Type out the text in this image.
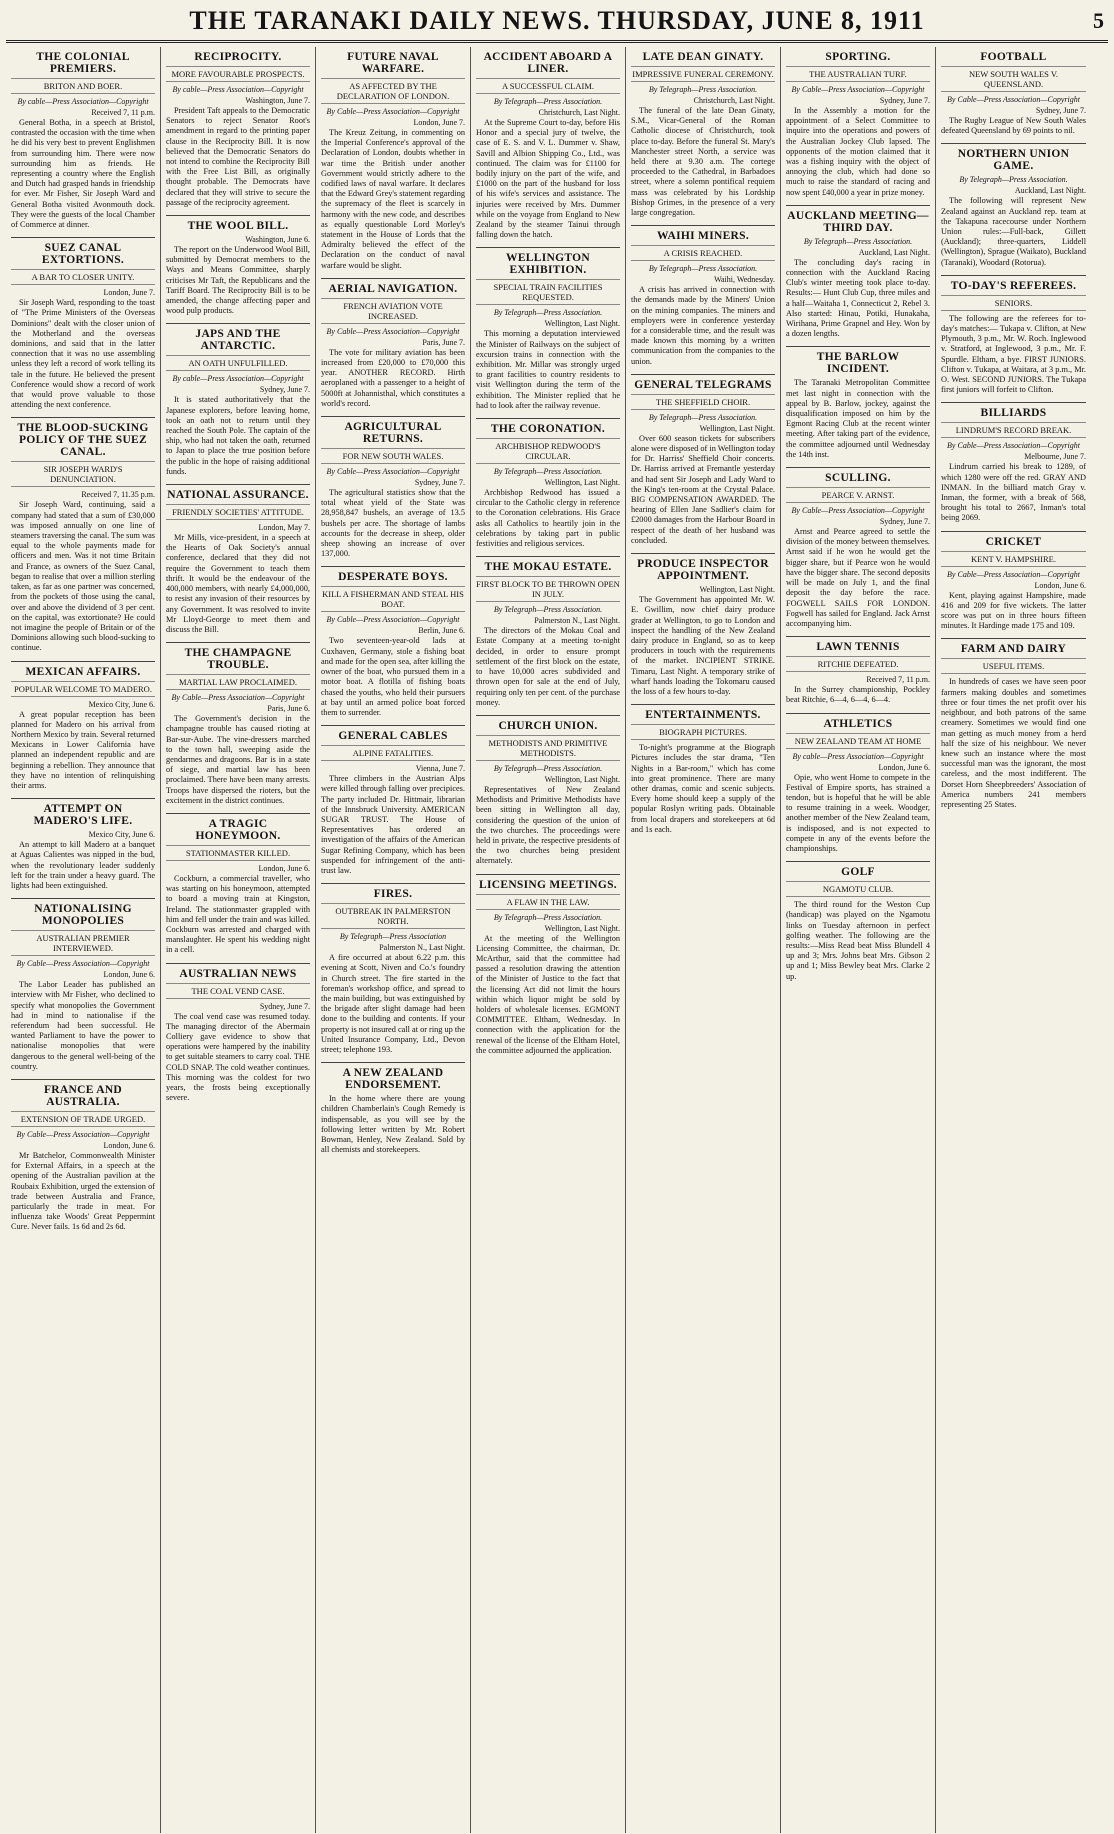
THE TARANAKI DAILY NEWS. THURSDAY, JUNE 8, 1911	5
THE COLONIAL PREMIERS.
BRITON AND BOER.
By cable—Press Association—Copyright
Received 7, 11 p.m.

General Botha, in a speech at Bristol, contrasted the occasion with the time when he did his very best to prevent Englishmen from surrounding him. There were now surrounding him as friends. He representing a country where the English and Dutch had grasped hands in friendship for ever. Mr Fisher, Sir Joseph Ward and General Botha visited Avonmouth dock. They were the guests of the local Chamber of Commerce at dinner.

SUEZ CANAL EXTORTIONS.
A BAR TO CLOSER UNITY.
London, June 7.

Sir Joseph Ward, responding to the toast of "The Prime Ministers of the Overseas Dominions" dealt with the closer union of the Motherland and the overseas dominions, and said that in the latter connection that it was no use assembling unless they left a record of work telling its tale in the future. He believed the present Conference would show a record of work that would prove valuable to those attending the next conference.

THE BLOOD-SUCKING POLICY OF THE SUEZ CANAL.
SIR JOSEPH WARD'S DENUNCIATION.
Received 7, 11.35 p.m.

Sir Joseph Ward, continuing, said a company had stated that a sum of £30,000 was imposed annually on one line of steamers traversing the canal. The sum was equal to the whole payments made for officers and men. Was it not time Britain and France, as owners of the Suez Canal, began to realise that over a million sterling taken, as far as one partner was concerned, from the pockets of those using the canal, over and above the dividend of 3 per cent. on the capital, was extortionate? He could not imagine the people of Britain or of the Dominions allowing such blood-sucking to continue.

MEXICAN AFFAIRS.
POPULAR WELCOME TO MADERO.
Mexico City, June 6.

A great popular reception has been planned for Madero on his arrival from Northern Mexico by train. Several returned Mexicans in Lower California have planned an independent republic and are beginning a rebellion. They announce that they have no intention of relinquishing their arms.

ATTEMPT ON MADERO'S LIFE.
Mexico City, June 6.

An attempt to kill Madero at a banquet at Aguas Calientes was nipped in the bud, when the revolutionary leader suddenly left for the train under a heavy guard. The lights had been extinguished.

NATIONALISING MONOPOLIES
AUSTRALIAN PREMIER INTERVIEWED.
By Cable—Press Association—Copyright
London, June 6.

The Labor Leader has published an interview with Mr Fisher, who declined to specify what monopolies the Government had in mind to nationalise if the referendum had been successful. He wanted Parliament to have the power to nationalise monopolies that were dangerous to the general well-being of the country.

FRANCE AND AUSTRALIA.
EXTENSION OF TRADE URGED.
By Cable—Press Association—Copyright
London, June 6.

Mr Batchelor, Commonwealth Minister for External Affairs, in a speech at the opening of the Australian pavilion at the Roubaix Exhibition, urged the extension of trade between Australia and France, particularly the trade in meat. For influenza take Woods' Great Peppermint Cure. Never fails. 1s 6d and 2s 6d.

RECIPROCITY.
MORE FAVOURABLE PROSPECTS.
By cable—Press Association—Copyright
Washington, June 7.

President Taft appeals to the Democratic Senators to reject Senator Root's amendment in regard to the printing paper clause in the Reciprocity Bill. It is now believed that the Democratic Senators do not intend to combine the Reciprocity Bill with the Free List Bill, as originally thought probable. The Democrats have declared that they will strive to secure the passage of the reciprocity agreement.

THE WOOL BILL.
Washington, June 6.

The report on the Underwood Wool Bill, submitted by Democrat members to the Ways and Means Committee, sharply criticises Mr Taft, the Republicans and the Tariff Board. The Reciprocity Bill is to be amended, the change affecting paper and wood pulp products.

JAPS AND THE ANTARCTIC.
AN OATH UNFULFILLED.
By cable—Press Association—Copyright
Sydney, June 7.

It is stated authoritatively that the Japanese explorers, before leaving home, took an oath not to return until they reached the South Pole. The captain of the ship, who had not taken the oath, returned to Japan to place the true position before the public in the hope of raising additional funds.

NATIONAL ASSURANCE.
FRIENDLY SOCIETIES' ATTITUDE.
London, May 7.

Mr Mills, vice-president, in a speech at the Hearts of Oak Society's annual conference, declared that they did not require the Government to teach them thrift. It would be the endeavour of the 400,000 members, with nearly £4,000,000, to resist any invasion of their resources by any Government. It was resolved to invite Mr Lloyd-George to meet them and discuss the Bill.

THE CHAMPAGNE TROUBLE.
MARTIAL LAW PROCLAIMED.
By Cable—Press Association—Copyright
Paris, June 6.

The Government's decision in the champagne trouble has caused rioting at Bar-sur-Aube. The vine-dressers marched to the town hall, sweeping aside the gendarmes and dragoons. Bar is in a state of siege, and martial law has been proclaimed. There have been many arrests. Troops have dispersed the rioters, but the excitement in the district continues.

A TRAGIC HONEYMOON.
STATIONMASTER KILLED.
London, June 6.

Cockburn, a commercial traveller, who was starting on his honeymoon, attempted to board a moving train at Kingston, Ireland. The stationmaster grappled with him and fell under the train and was killed. Cockburn was arrested and charged with manslaughter. He spent his wedding night in a cell.

AUSTRALIAN NEWS
THE COAL VEND CASE.
Sydney, June 7.

The coal vend case was resumed today. The managing director of the Abermain Colliery gave evidence to show that operations were hampered by the inability to get suitable steamers to carry coal. THE COLD SNAP. The cold weather continues. This morning was the coldest for two years, the frosts being exceptionally severe.

FUTURE NAVAL WARFARE.
AS AFFECTED BY THE DECLARATION OF LONDON.
By Cable—Press Association—Copyright
London, June 7.

The Kreuz Zeitung, in commenting on the Imperial Conference's approval of the Declaration of London, doubts whether in war time the British under another Government would strictly adhere to the codified laws of naval warfare. It declares that the Edward Grey's statement regarding the supremacy of the fleet is scarcely in harmony with the new code, and describes as equally questionable Lord Morley's statement in the House of Lords that the Admiralty believed the effect of the Declaration on the conduct of naval warfare would be slight.

AERIAL NAVIGATION.
FRENCH AVIATION VOTE INCREASED.
By Cable—Press Association—Copyright
Paris, June 7.

The vote for military aviation has been increased from £20,000 to £70,000 this year. ANOTHER RECORD. Hirth aeroplaned with a passenger to a height of 5000ft at Johannisthal, which constitutes a world's record.

AGRICULTURAL RETURNS.
FOR NEW SOUTH WALES.
By Cable—Press Association—Copyright
Sydney, June 7.

The agricultural statistics show that the total wheat yield of the State was 28,958,847 bushels, an average of 13.5 bushels per acre. The shortage of lambs accounts for the decrease in sheep, older sheep showing an increase of over 137,000.

DESPERATE BOYS.
KILL A FISHERMAN AND STEAL HIS BOAT.
By Cable—Press Association—Copyright
Berlin, June 6.

Two seventeen-year-old lads at Cuxhaven, Germany, stole a fishing boat and made for the open sea, after killing the owner of the boat, who pursued them in a motor boat. A flotilla of fishing boats chased the youths, who held their pursuers at bay until an armed police boat forced them to surrender.

GENERAL CABLES
ALPINE FATALITIES.
Vienna, June 7.

Three climbers in the Austrian Alps were killed through falling over precipices. The party included Dr. Hittmair, librarian of the Innsbruck University. AMERICAN SUGAR TRUST. The House of Representatives has ordered an investigation of the affairs of the American Sugar Refining Company, which has been suspended for infringement of the anti-trust law.

FIRES.
OUTBREAK IN PALMERSTON NORTH.
By Telegraph—Press Association
Palmerston N., Last Night.

A fire occurred at about 6.22 p.m. this evening at Scott, Niven and Co.'s foundry in Church street. The fire started in the foreman's workshop office, and spread to the main building, but was extinguished by the brigade after slight damage had been done to the building and contents. If your property is not insured call at or ring up the United Insurance Company, Ltd., Devon street; telephone 193.

A NEW ZEALAND ENDORSEMENT.

In the home where there are young children Chamberlain's Cough Remedy is indispensable, as you will see by the following letter written by Mr. Robert Bowman, Henley, New Zealand. Sold by all chemists and storekeepers.

ACCIDENT ABOARD A LINER.
A SUCCESSFUL CLAIM.
By Telegraph—Press Association.
Christchurch, Last Night.

At the Supreme Court to-day, before His Honor and a special jury of twelve, the case of E. S. and V. L. Dummer v. Shaw, Savill and Albion Shipping Co., Ltd., was continued. The claim was for £1100 for bodily injury on the part of the wife, and £1000 on the part of the husband for loss of his wife's services and assistance. The injuries were received by Mrs. Dummer while on the voyage from England to New Zealand by the steamer Tainui through falling down the hatch.

WELLINGTON EXHIBITION.
SPECIAL TRAIN FACILITIES REQUESTED.
By Telegraph—Press Association.
Wellington, Last Night.

This morning a deputation interviewed the Minister of Railways on the subject of excursion trains in connection with the exhibition. Mr. Millar was strongly urged to grant facilities to country residents to visit Wellington during the term of the exhibition. The Minister replied that he had to look after the railway revenue.

THE CORONATION.
ARCHBISHOP REDWOOD'S CIRCULAR.
By Telegraph—Press Association.
Wellington, Last Night.

Archbishop Redwood has issued a circular to the Catholic clergy in reference to the Coronation celebrations. His Grace asks all Catholics to heartily join in the celebrations by taking part in public festivities and religious services.

THE MOKAU ESTATE.
FIRST BLOCK TO BE THROWN OPEN IN JULY.
By Telegraph—Press Association.
Palmerston N., Last Night.

The directors of the Mokau Coal and Estate Company at a meeting to-night decided, in order to ensure prompt settlement of the first block on the estate, to have 10,000 acres subdivided and thrown open for sale at the end of July, requiring only ten per cent. of the purchase money.

CHURCH UNION.
METHODISTS AND PRIMITIVE METHODISTS.
By Telegraph—Press Association.
Wellington, Last Night.

Representatives of New Zealand Methodists and Primitive Methodists have been sitting in Wellington all day, considering the question of the union of the two churches. The proceedings were held in private, the respective presidents of the two churches being president alternately.

LICENSING MEETINGS.
A FLAW IN THE LAW.
By Telegraph—Press Association.
Wellington, Last Night.

At the meeting of the Wellington Licensing Committee, the chairman, Dr. McArthur, said that the committee had passed a resolution drawing the attention of the Minister of Justice to the fact that the licensing Act did not limit the hours within which liquor might be sold by holders of wholesale licenses. EGMONT COMMITTEE. Eltham, Wednesday. In connection with the application for the renewal of the license of the Eltham Hotel, the committee adjourned the application.

LATE DEAN GINATY.
IMPRESSIVE FUNERAL CEREMONY.
By Telegraph—Press Association.
Christchurch, Last Night.

The funeral of the late Dean Ginaty, S.M., Vicar-General of the Roman Catholic diocese of Christchurch, took place to-day. Before the funeral St. Mary's Manchester street North, a service was held there at 9.30 a.m. The cortege proceeded to the Cathedral, in Barbadoes street, where a solemn pontifical requiem mass was celebrated by his Lordship Bishop Grimes, in the presence of a very large congregation.

WAIHI MINERS.
A CRISIS REACHED.
By Telegraph—Press Association.
Waihi, Wednesday.

A crisis has arrived in connection with the demands made by the Miners' Union on the mining companies. The miners and employers were in conference yesterday for a considerable time, and the result was made known this morning by a written communication from the companies to the union.

GENERAL TELEGRAMS
THE SHEFFIELD CHOIR.
By Telegraph—Press Association.
Wellington, Last Night.

Over 600 season tickets for subscribers alone were disposed of in Wellington today for Dr. Harriss' Sheffield Choir concerts. Dr. Harriss arrived at Fremantle yesterday and had sent Sir Joseph and Lady Ward to the King's ten-room at the Crystal Palace. BIG COMPENSATION AWARDED. The hearing of Ellen Jane Sadlier's claim for £2000 damages from the Harbour Board in respect of the death of her husband was concluded.

PRODUCE INSPECTOR APPOINTMENT.
Wellington, Last Night.

The Government has appointed Mr. W. E. Gwillim, now chief dairy produce grader at Wellington, to go to London and inspect the handling of the New Zealand dairy produce in England, so as to keep producers in touch with the requirements of the market. INCIPIENT STRIKE. Timaru, Last Night. A temporary strike of wharf hands loading the Tokomaru caused the loss of a few hours to-day.

ENTERTAINMENTS.
BIOGRAPH PICTURES.

To-night's programme at the Biograph Pictures includes the star drama, "Ten Nights in a Bar-room," which has come into great prominence. There are many other dramas, comic and scenic subjects. Every home should keep a supply of the popular Roslyn writing pads. Obtainable from local drapers and storekeepers at 6d and 1s each.

SPORTING.
THE AUSTRALIAN TURF.
By Cable—Press Association—Copyright
Sydney, June 7.

In the Assembly a motion for the appointment of a Select Committee to inquire into the operations and powers of the Australian Jockey Club lapsed. The opponents of the motion claimed that it was a fishing inquiry with the object of annoying the club, which had done so much to raise the standard of racing and now spent £40,000 a year in prize money.

AUCKLAND MEETING—THIRD DAY.
By Telegraph—Press Association.
Auckland, Last Night.

The concluding day's racing in connection with the Auckland Racing Club's winter meeting took place to-day. Results:— Hunt Club Cup, three miles and a half—Waitaha 1, Connecticut 2, Rebel 3. Also started: Hinau, Potiki, Hunakaha, Wirihana, Prime Grapnel and Hey. Won by a dozen lengths.

THE BARLOW INCIDENT.

The Taranaki Metropolitan Committee met last night in connection with the appeal by B. Barlow, jockey, against the disqualification imposed on him by the Egmont Racing Club at the recent winter meeting. After taking part of the evidence, the committee adjourned until Wednesday the 14th inst.

SCULLING.
PEARCE V. ARNST.
By Cable—Press Association—Copyright
Sydney, June 7.

Arnst and Pearce agreed to settle the division of the money between themselves. Arnst said if he won he would get the bigger share, but if Pearce won he would have the bigger share. The second deposits will be made on July 1, and the final deposit the day before the race. FOGWELL SAILS FOR LONDON. Fogwell has sailed for England. Jack Arnst accompanying him.

LAWN TENNIS
RITCHIE DEFEATED.
Received 7, 11 p.m.

In the Surrey championship, Pockley beat Ritchie, 6—4, 6—4, 6—4.

ATHLETICS
NEW ZEALAND TEAM AT HOME
By cable—Press Association—Copyright
London, June 6.

Opie, who went Home to compete in the Festival of Empire sports, has strained a tendon, but is hopeful that he will be able to resume training in a week. Woodger, another member of the New Zealand team, is indisposed, and is not expected to compete in any of the events before the championships.

GOLF
NGAMOTU CLUB.

The third round for the Weston Cup (handicap) was played on the Ngamotu links on Tuesday afternoon in perfect golfing weather. The following are the results:—Miss Read beat Miss Blundell 4 up and 3; Mrs. Johns beat Mrs. Gibson 2 up and 1; Miss Bewley beat Mrs. Clarke 2 up.

FOOTBALL
NEW SOUTH WALES V. QUEENSLAND.
By Cable—Press Association—Copyright
Sydney, June 7.

The Rugby League of New South Wales defeated Queensland by 69 points to nil.

NORTHERN UNION GAME.
By Telegraph—Press Association.
Auckland, Last Night.

The following will represent New Zealand against an Auckland rep. team at the Takapuna racecourse under Northern Union rules:—Full-back, Gillett (Auckland); three-quarters, Liddell (Wellington), Sprague (Waikato), Buckland (Taranaki), Woodard (Rotorua).

TO-DAY'S REFEREES.
SENIORS.

The following are the referees for to-day's matches:— Tukapa v. Clifton, at New Plymouth, 3 p.m., Mr. W. Roch. Inglewood v. Stratford, at Inglewood, 3 p.m., Mr. F. Spurdle. Eltham, a bye. FIRST JUNIORS. Clifton v. Tukapa, at Waitara, at 3 p.m., Mr. O. West. SECOND JUNIORS. The Tukapa first juniors will forfeit to Clifton.

BILLIARDS
LINDRUM'S RECORD BREAK.
By Cable—Press Association—Copyright
Melbourne, June 7.

Lindrum carried his break to 1289, of which 1280 were off the red. GRAY AND INMAN. In the billiard match Gray v. Inman, the former, with a break of 568, brought his total to 2667, Inman's total being 2069.

CRICKET
KENT V. HAMPSHIRE.
By Cable—Press Association—Copyright
London, June 6.

Kent, playing against Hampshire, made 416 and 209 for five wickets. The latter score was put on in three hours fifteen minutes. It Hardinge made 175 and 109.

FARM AND DAIRY
USEFUL ITEMS.

In hundreds of cases we have seen poor farmers making doubles and sometimes three or four times the net profit over his neighbour, and both patrons of the same creamery. Sometimes we would find one man getting as much money from a herd half the size of his neighbour. We never knew such an instance where the most successful man was the ignorant, the most careless, and the most indifferent. The Dorset Horn Sheepbreeders' Association of America numbers 241 members representing 25 States.
